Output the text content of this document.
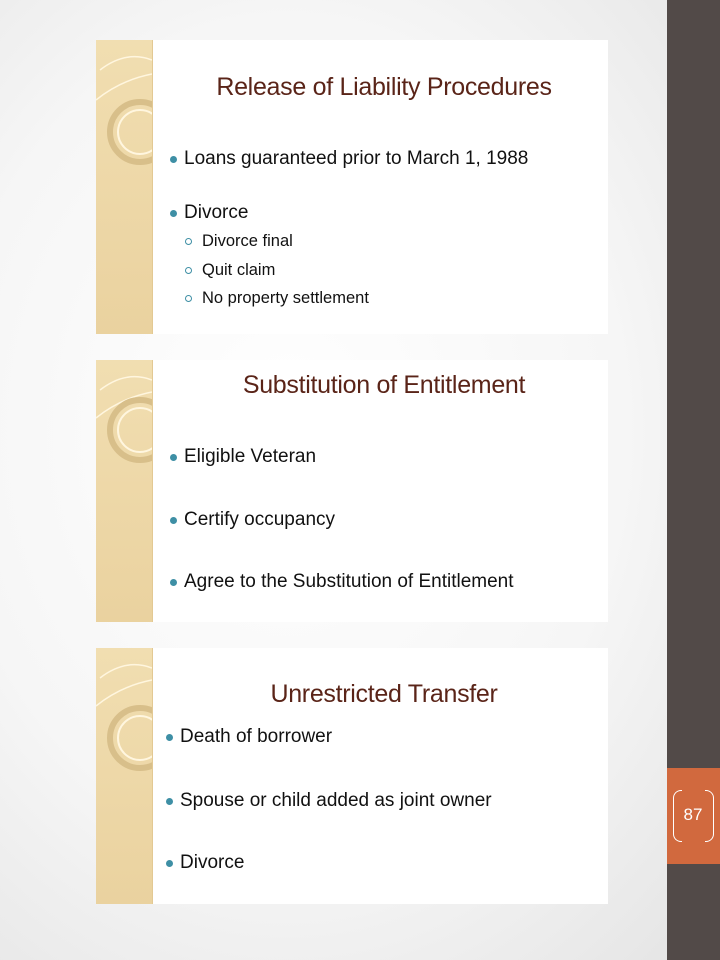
87
Release of Liability Procedures
Loans guaranteed prior to March 1, 1988
Divorce
Divorce final
Quit claim
No property settlement
Substitution of Entitlement
Eligible Veteran
Certify occupancy
Agree to the Substitution of Entitlement
Unrestricted Transfer
Death of borrower
Spouse or child added as joint owner
Divorce
